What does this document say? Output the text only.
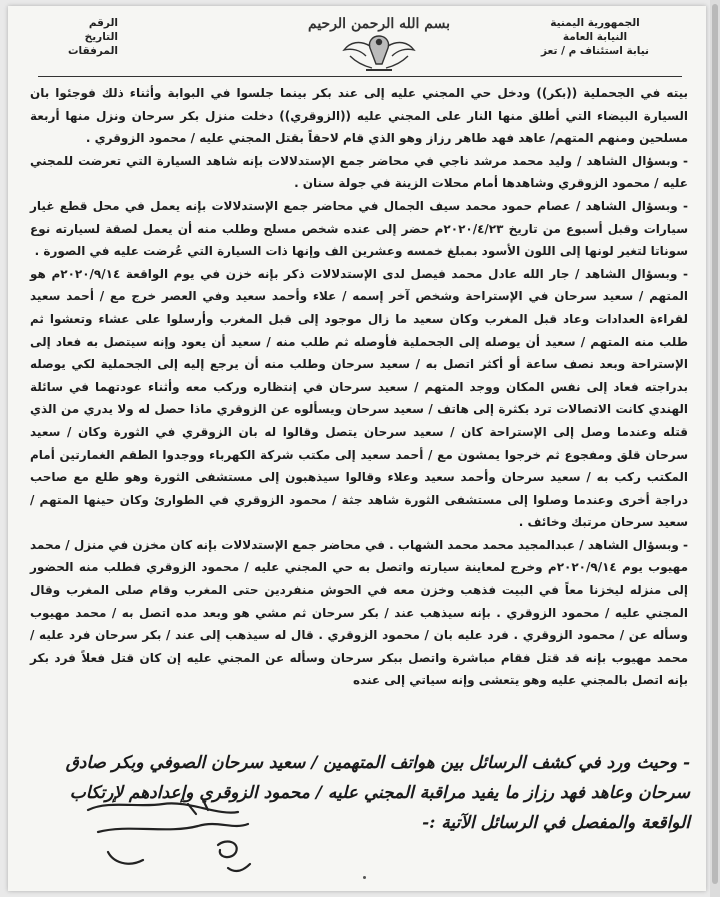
الجمهورية اليمنية
النيابة العامة
نيابة استئناف م / تعز
الرقم
التاريخ
المرفقات
بسم الله الرحمن الرحيم

بيته في الجحملية ((بكر)) ودخل حي المجني عليه إلى عند بكر بينما جلسوا في البوابة وأثناء ذلك فوجئوا بان السيارة البيضاء التي أطلق منها النار على المجني عليه ((الزوقري)) دخلت منزل بكر سرحان ونزل منها أربعة مسلحين ومنهم المتهم/ عاهد فهد طاهر رزاز وهو الذي قام لاحقاً بقتل المجني عليه / محمود الزوقري .

- وبسؤال الشاهد / وليد محمد مرشد ناجي في محاضر جمع الإستدلالات بإنه شاهد السيارة التي تعرضت للمجني عليه / محمود الزوقري وشاهدها أمام محلات الزينة في جولة سنان .

- وبسؤال الشاهد / عصام حمود محمد سيف الجمال في محاضر جمع الإستدلالات بإنه يعمل في محل قطع غيار سيارات وقبل أسبوع من تاريخ ٢٠٢٠/٤/٢٣م حضر إلى عنده شخص مسلح وطلب منه أن يعمل لصقة لسيارته نوع سوناتا لتغير لونها إلى اللون الأسود بمبلغ خمسه وعشرين الف وإنها ذات السيارة التي عُرضت عليه في الصورة .

- وبسؤال الشاهد / جار الله عادل محمد فيصل لدى الإستدلالات ذكر بإنه خزن في يوم الواقعة ٢٠٢٠/٩/١٤م هو المتهم / سعيد سرحان في الإستراحة وشخص آخر إسمه / علاء وأحمد سعيد وفي العصر خرج مع / أحمد سعيد لقراءة العدادات وعاد قبل المغرب وكان سعيد ما زال موجود إلى قبل المغرب وأرسلوا على عشاء وتعشوا ثم طلب منه المتهم / سعيد أن يوصله إلى الجحملية فأوصله ثم طلب منه / سعيد أن يعود وإنه سيتصل به فعاد إلى الإستراحة وبعد نصف ساعة أو أكثر اتصل به / سعيد سرحان وطلب منه أن يرجع إليه إلى الجحملية لكي يوصله بدراجته فعاد إلى نفس المكان ووجد المتهم / سعيد سرحان في إنتظاره وركب معه وأثناء عودتهما في سائلة الهندي كانت الاتصالات ترد بكثرة إلى هاتف / سعيد سرحان ويسألوه عن الزوقري ماذا حصل له ولا يدري من الذي قتله وعندما وصل إلى الإستراحة كان / سعيد سرحان يتصل وقالوا له بان الزوقري في الثورة وكان / سعيد سرحان قلق ومفجوع ثم خرجوا يمشون مع / أحمد سعيد إلى مكتب شركة الكهرباء ووجدوا الطقم الغمارتين أمام المكتب ركب به / سعيد سرحان وأحمد سعيد وعلاء وقالوا سيذهبون إلى مستشفى الثورة وهو طلع مع صاحب دراجة أخرى وعندما وصلوا إلى مستشفى الثورة شاهد جثة / محمود الزوقري في الطوارئ وكان حينها المتهم / سعيد سرحان مرتبك وخائف .

- وبسؤال الشاهد / عبدالمجيد محمد محمد الشهاب . في محاضر جمع الإستدلالات بإنه كان مخزن في منزل / محمد مهيوب يوم ٢٠٢٠/٩/١٤م وخرج لمعاينة سيارته واتصل به حي المجني عليه / محمود الزوقري فطلب منه الحضور إلى منزله ليخزنا معاً في البيت فذهب وخزن معه في الحوش منفردين حتى المغرب وقام صلى المغرب وقال المجني عليه / محمود الزوقري . بإنه سيذهب عند / بكر سرحان ثم مشي هو وبعد مده اتصل به / محمد مهيوب وسأله عن / محمود الزوقري . فرد عليه بان / محمود الزوقري . قال له سيذهب إلى عند / بكر سرحان فرد عليه / محمد مهيوب بإنه قد قتل فقام مباشرة واتصل ببكر سرحان وسأله عن المجني عليه إن كان قتل فعلاً فرد بكر بإنه اتصل بالمجني عليه وهو يتعشى وإنه سياتي إلى عنده

- وحيث ورد في كشف الرسائل بين هواتف المتهمين / سعيد سرحان الصوفي وبكر صادق سرحان وعاهد فهد رزاز ما يفيد مراقبة المجني عليه / محمود الزوقري وإعدادهم لإرتكاب الواقعة والمفصل في الرسائل الآتية :-
